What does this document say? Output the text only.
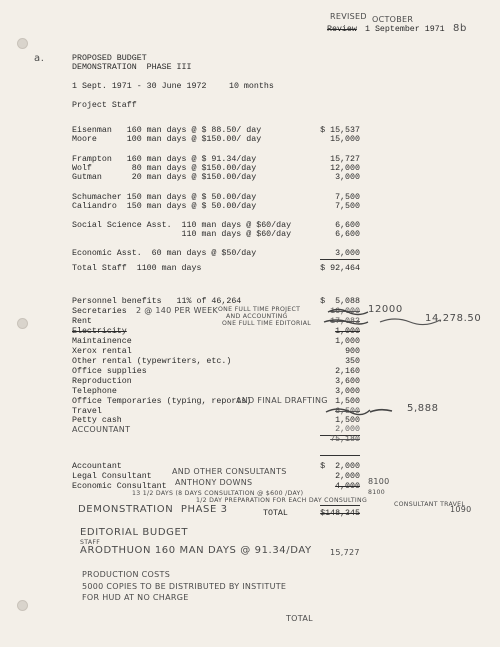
REVISED OCTOBER
Review 1 September 1971 8b
a.	PROPOSED BUDGET
DEMONSTRATION  PHASE III
1 Sept. 1971 - 30 June 1972	10 months
Project Staff
Eisenman   160 man days @ $ 88.50/ day	$ 15,537
Moore      100 man days @ $150.00/ day	15,000
Frampton   160 man days @ $ 91.34/day	15,727
Wolf        80 man days @ $150.00/day	12,000
Gutman      20 man days @ $150.00/day	3,000
Schumacher 150 man days @ $ 50.00/day	7,500
Caliandro  150 man days @ $ 50.00/day	7,500
Social Science Asst.  110 man days @ $60/day	6,600
110 man days @ $60/day	6,600
Economic Asst.  60 man days @ $50/day	3,000
Total Staff  1100 man days	$ 92,464
Personnel benefits   11% of 46,264	$  5,088
Secretaries	16,000
2 @ 140 PER WEEK ONE FULL TIME PROJECT
AND ACCOUNTING
ONE FULL TIME EDITORIAL
12000
Rent	17,083	14,278.50
Electricity	1,000
Maintainence	1,000
Xerox rental	900
Other rental (typewriters, etc.)	350
Office supplies	2,160
Reproduction	3,600
Telephone	3,000
Office Temporaries (typing, reports)	1,500
AND FINAL DRAFTING
Travel	6,500	5,888
Petty cash	1,500
ACCOUNTANT	2,000
75,180
Accountant	$  2,000
Legal Consultant	2,000
AND OTHER CONSULTANTS
Economic Consultant	4,000
ANTHONY DOWNS
13 1/2 DAYS (8 DAYS CONSULTATION @ $600 /DAY)
1/2 DAY PREPARATION FOR EACH DAY CONSULTING
8100
8100
CONSULTANT TRAVEL
1090
TOTAL	$148,345
DEMONSTRATION  PHASE 3
EDITORIAL BUDGET
STAFF
ARODTHUON 160 MAN DAYS @ 91.34/DAY 15,727
PRODUCTION COSTS
5000 COPIES TO BE DISTRIBUTED BY INSTITUTE
FOR HUD AT NO CHARGE
TOTAL
